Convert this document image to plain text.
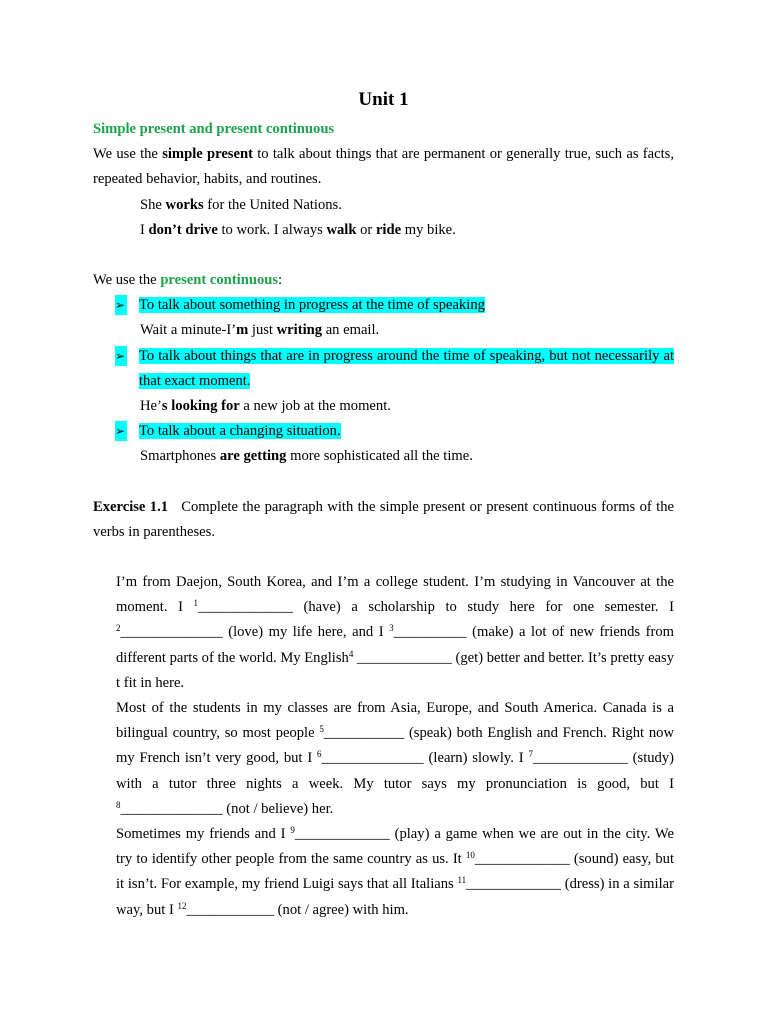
Unit 1
Simple present and present continuous

We use the simple present to talk about things that are permanent or generally true, such as facts, repeated behavior, habits, and routines.

She works for the United Nations.

I don’t drive to work. I always walk or ride my bike.

We use the present continuous:

➢ To talk about something in progress at the time of speaking

Wait a minute-I’m just writing an email.

➢ To talk about things that are in progress around the time of speaking, but not necessarily at that exact moment.

He’s looking for a new job at the moment.

➢ To talk about a changing situation.

Smartphones are getting more sophisticated all the time.

Exercise 1.1 Complete the paragraph with the simple present or present continuous forms of the verbs in parentheses.

I’m from Daejon, South Korea, and I’m a college student. I’m studying in Vancouver at the moment. I $^1$_____________ (have) a scholarship to study here for one semester. I $^2$______________ (love) my life here, and I $^3$__________ (make) a lot of new friends from different parts of the world. My English$^4$ _____________ (get) better and better. It’s pretty easy t fit in here.

Most of the students in my classes are from Asia, Europe, and South America. Canada is a bilingual country, so most people $^5$___________ (speak) both English and French. Right now my French isn’t very good, but I $^6$______________ (learn) slowly. I $^7$_____________ (study) with a tutor three nights a week. My tutor says my pronunciation is good, but I $^8$______________ (not / believe) her.

Sometimes my friends and I $^9$_____________ (play) a game when we are out in the city. We try to identify other people from the same country as us. It $^{10}$_____________ (sound) easy, but it isn’t. For example, my friend Luigi says that all Italians $^{11}$_____________ (dress) in a similar way, but I $^{12}$____________ (not / agree) with him.
